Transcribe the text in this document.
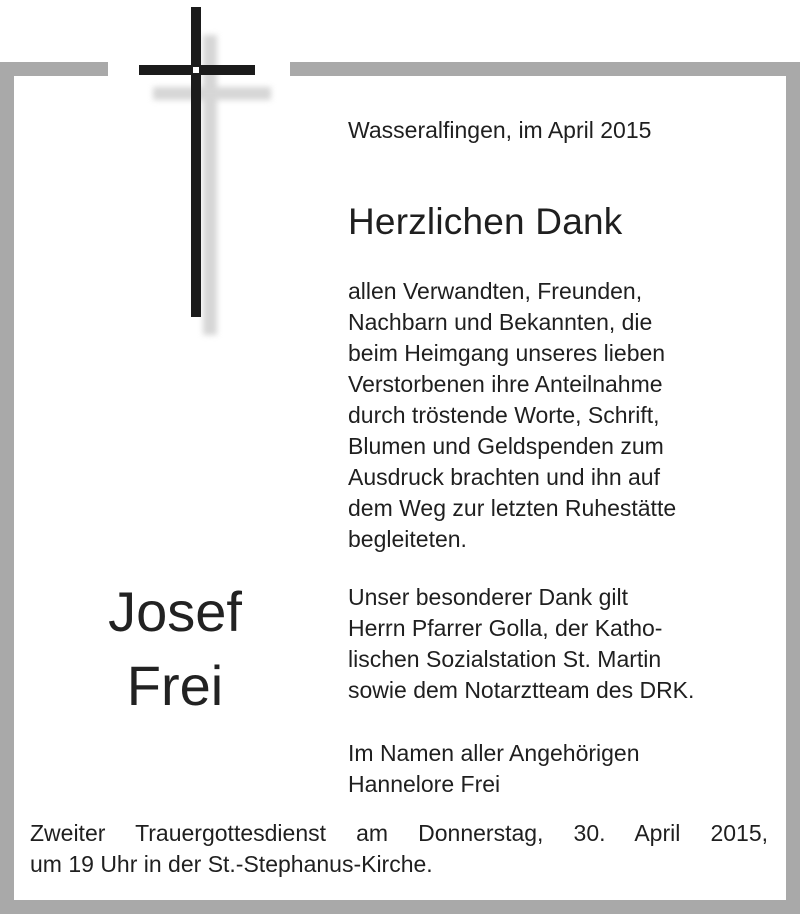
Wasseralfingen, im April 2015

Herzlichen Dank
allen Verwandten, Freunden,
Nachbarn und Bekannten, die
beim Heimgang unseres lieben
Verstorbenen ihre Anteilnahme
durch tröstende Worte, Schrift,
Blumen und Geldspenden zum
Ausdruck brachten und ihn auf
dem Weg zur letzten Ruhestätte
begleiteten.
Josef
Frei
Unser besonderer Dank gilt
Herrn Pfarrer Golla, der Katho-
lischen Sozialstation St. Martin
sowie dem Notarztteam des DRK.
Im Namen aller Angehörigen
Hannelore Frei
Zweiter Trauergottesdienst am Donnerstag, 30. April 2015,
um 19 Uhr in der St.-Stephanus-Kirche.
